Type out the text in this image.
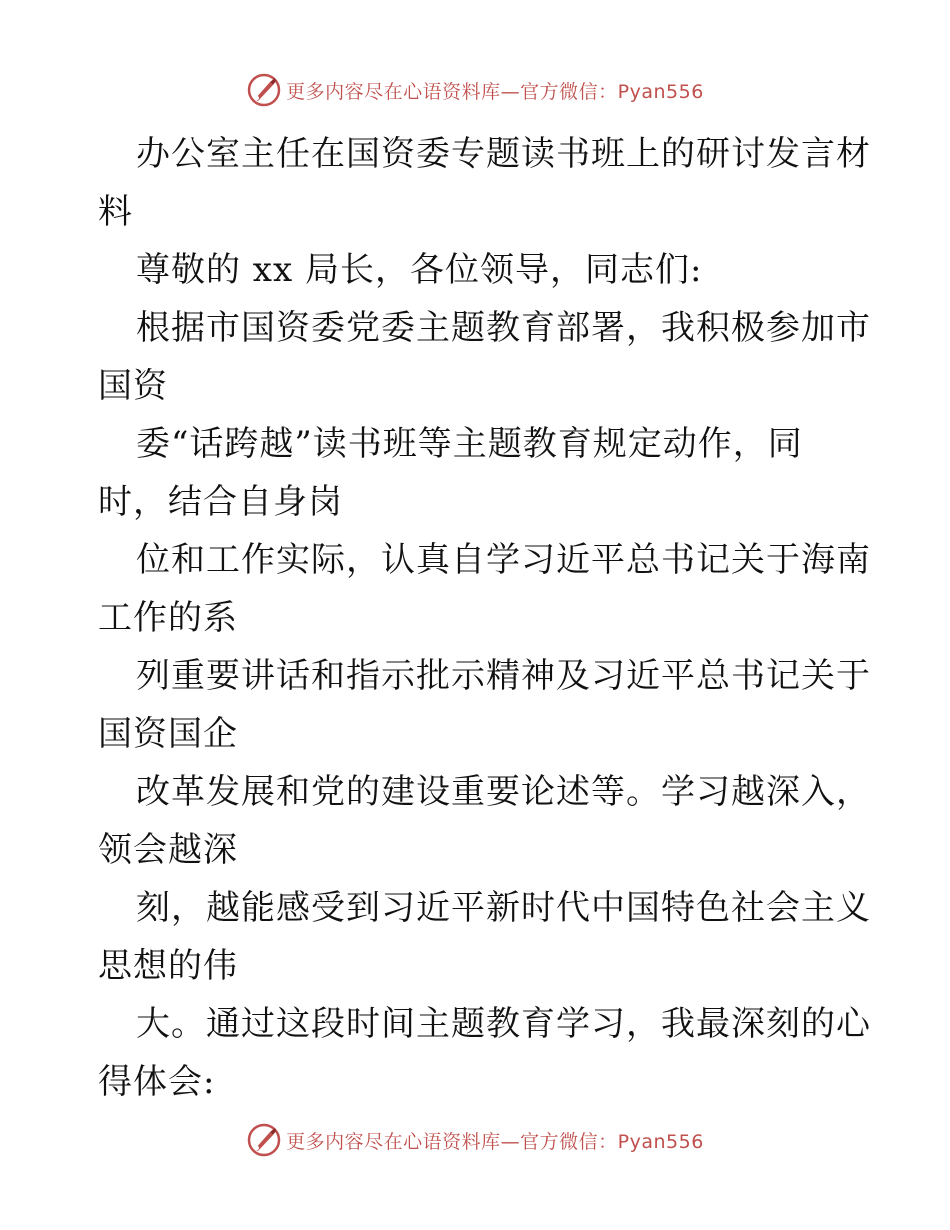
更多内容尽在心语资料库—官方微信：Pyan556
办公室主任在国资委专题读书班上的研讨发言材
料
尊敬的 xx 局长，各位领导，同志们:
根据市国资委党委主题教育部署，我积极参加市
国资
委“话跨越”读书班等主题教育规定动作，同
时，结合自身岗
位和工作实际，认真自学习近平总书记关于海南
工作的系
列重要讲话和指示批示精神及习近平总书记关于
国资国企
改革发展和党的建设重要论述等。学习越深入，
领会越深
刻，越能感受到习近平新时代中国特色社会主义
思想的伟
大。通过这段时间主题教育学习，我最深刻的心
得体会:
更多内容尽在心语资料库—官方微信：Pyan556
